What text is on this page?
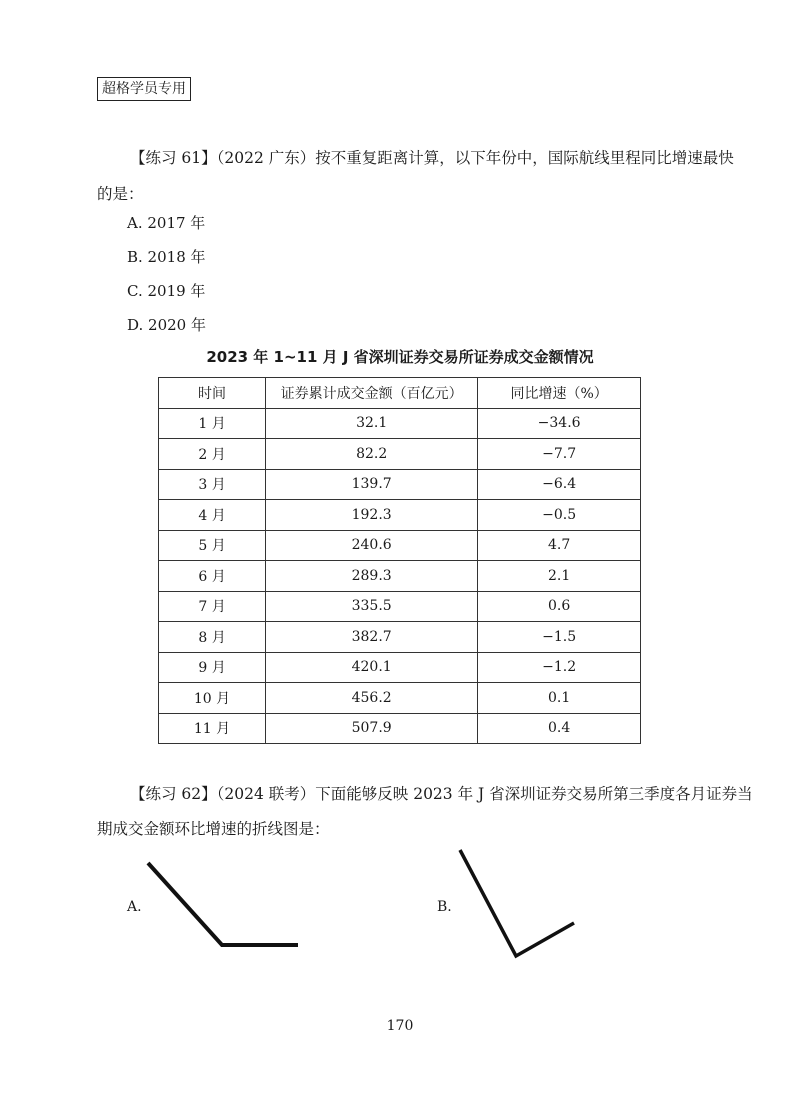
超格学员专用
【练习 61】（2022 广东）按不重复距离计算，以下年份中，国际航线里程同比增速最快
的是：
A. 2017 年
B. 2018 年
C. 2019 年
D. 2020 年
2023 年 1~11 月 J 省深圳证券交易所证券成交金额情况
时间	证券累计成交金额（百亿元）	同比增速（%）
1 月	32.1	−34.6
2 月	82.2	−7.7
3 月	139.7	−6.4
4 月	192.3	−0.5
5 月	240.6	4.7
6 月	289.3	2.1
7 月	335.5	0.6
8 月	382.7	−1.5
9 月	420.1	−1.2
10 月	456.2	0.1
11 月	507.9	0.4
【练习 62】（2024 联考）下面能够反映 2023 年 J 省深圳证券交易所第三季度各月证券当
期成交金额环比增速的折线图是：
A.	B.
170
